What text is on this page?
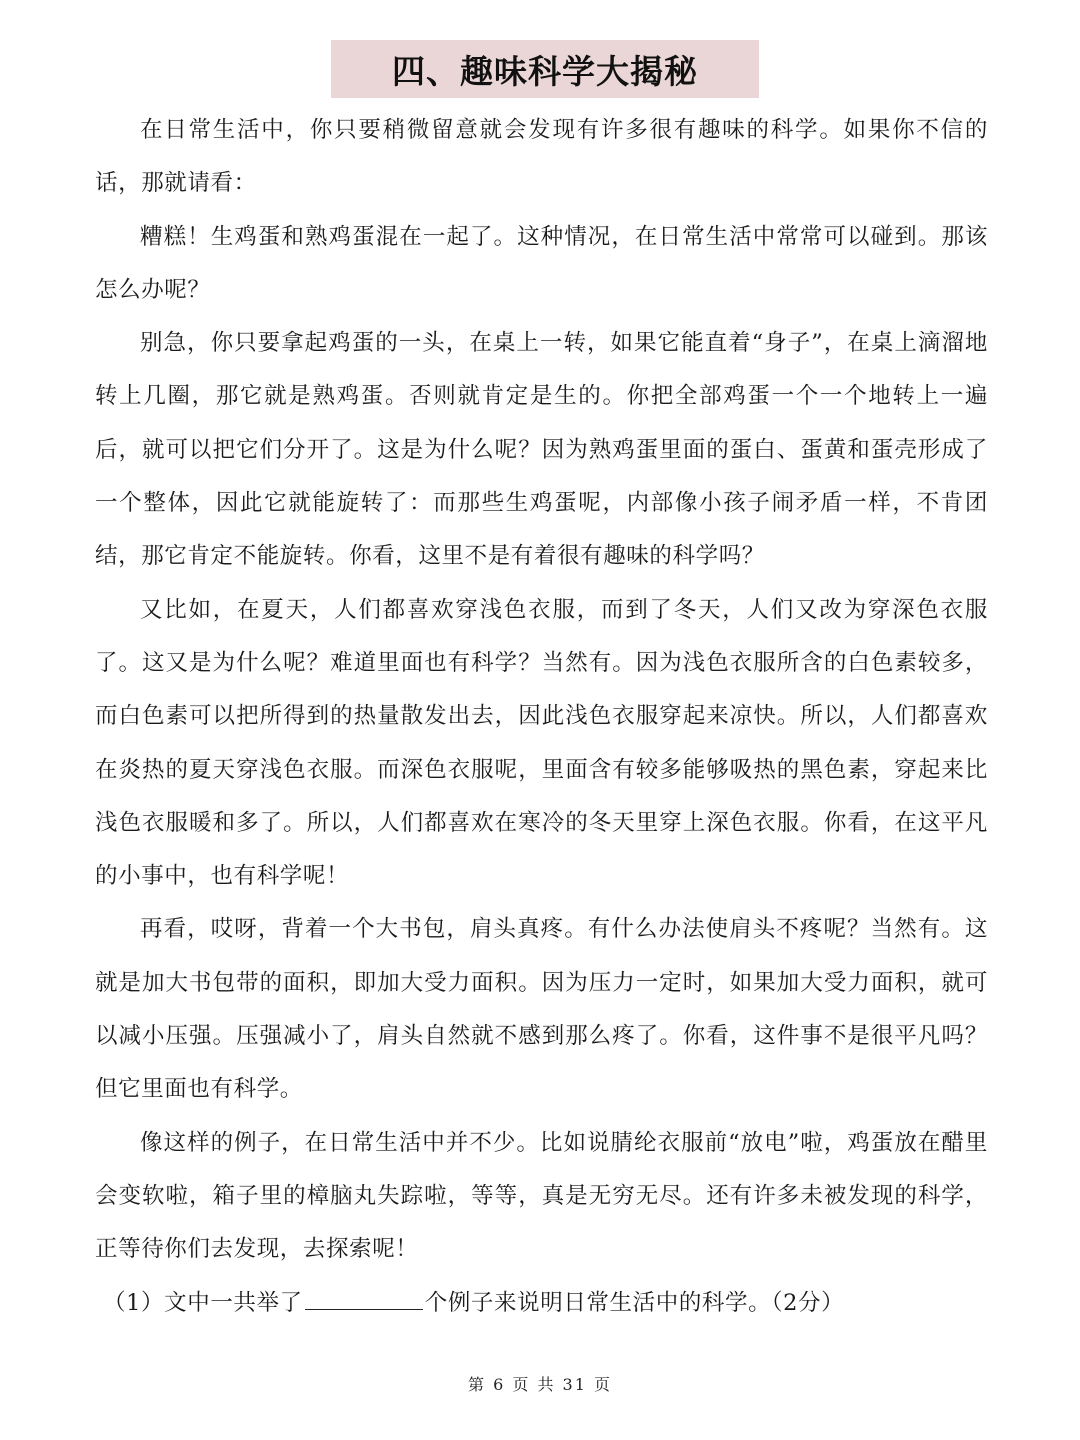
四、趣味科学大揭秘

在日常生活中，你只要稍微留意就会发现有许多很有趣味的科学。如果你不信的话，那就请看：

糟糕！生鸡蛋和熟鸡蛋混在一起了。这种情况，在日常生活中常常可以碰到。那该怎么办呢？

别急，你只要拿起鸡蛋的一头，在桌上一转，如果它能直着“身子”，在桌上滴溜地转上几圈，那它就是熟鸡蛋。否则就肯定是生的。你把全部鸡蛋一个一个地转上一遍后，就可以把它们分开了。这是为什么呢？因为熟鸡蛋里面的蛋白、蛋黄和蛋壳形成了一个整体，因此它就能旋转了：而那些生鸡蛋呢，内部像小孩子闹矛盾一样，不肯团结，那它肯定不能旋转。你看，这里不是有着很有趣味的科学吗？

又比如，在夏天，人们都喜欢穿浅色衣服，而到了冬天，人们又改为穿深色衣服了。这又是为什么呢？难道里面也有科学？当然有。因为浅色衣服所含的白色素较多，而白色素可以把所得到的热量散发出去，因此浅色衣服穿起来凉快。所以，人们都喜欢在炎热的夏天穿浅色衣服。而深色衣服呢，里面含有较多能够吸热的黑色素，穿起来比浅色衣服暖和多了。所以，人们都喜欢在寒冷的冬天里穿上深色衣服。你看，在这平凡的小事中，也有科学呢！

再看，哎呀，背着一个大书包，肩头真疼。有什么办法使肩头不疼呢？当然有。这就是加大书包带的面积，即加大受力面积。因为压力一定时，如果加大受力面积，就可以减小压强。压强减小了，肩头自然就不感到那么疼了。你看，这件事不是很平凡吗？但它里面也有科学。

像这样的例子，在日常生活中并不少。比如说腈纶衣服前“放电”啦，鸡蛋放在醋里会变软啦，箱子里的樟脑丸失踪啦，等等，真是无穷无尽。还有许多未被发现的科学，正等待你们去发现，去探索呢！

（1）文中一共举了	个例子来说明日常生活中的科学。（2分）

第 6 页 共 31 页
